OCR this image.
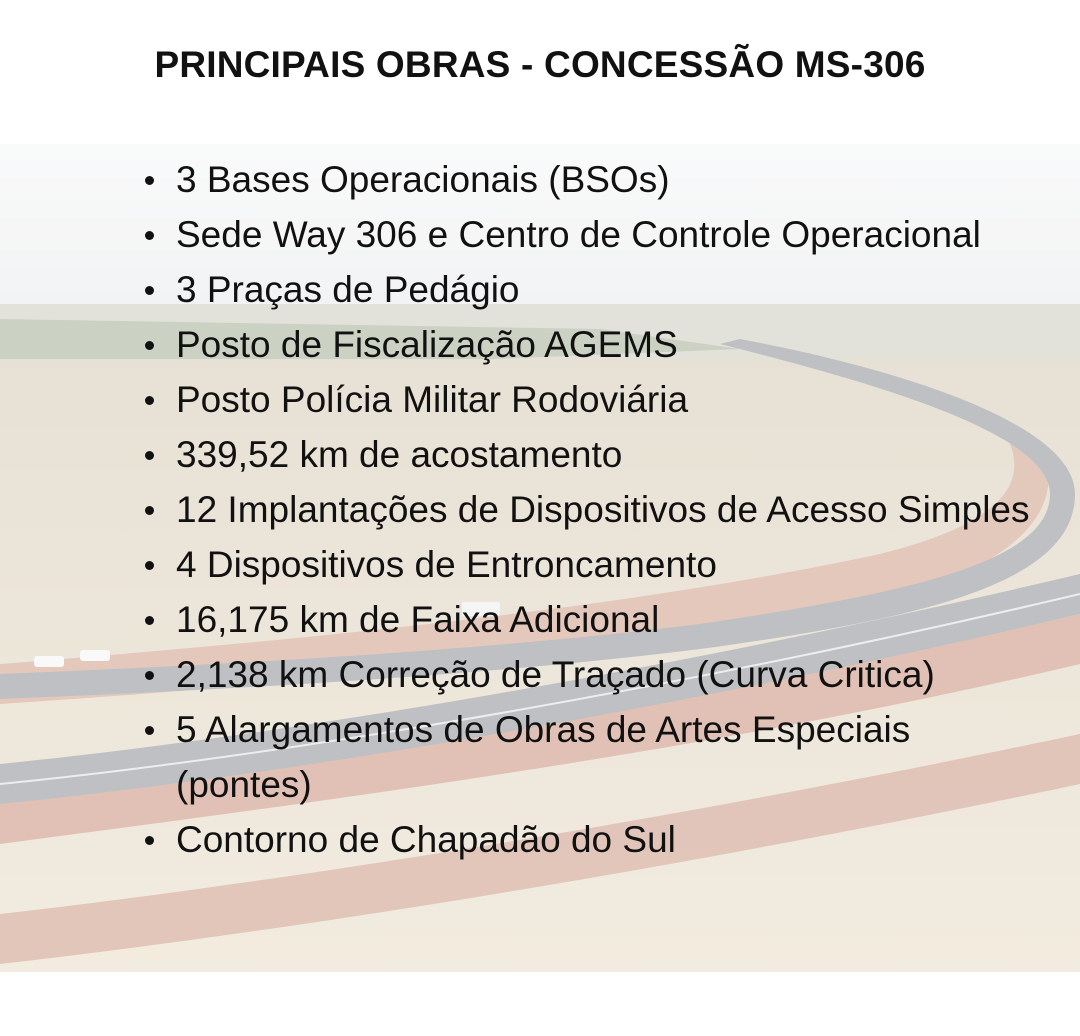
PRINCIPAIS OBRAS - CONCESSÃO MS-306
3 Bases Operacionais (BSOs)
Sede Way 306 e Centro de Controle Operacional
3 Praças de Pedágio
Posto de Fiscalização AGEMS
Posto Polícia Militar Rodoviária
339,52 km de acostamento
12 Implantações de Dispositivos de Acesso Simples
4 Dispositivos de Entroncamento
16,175 km de Faixa Adicional
2,138 km Correção de Traçado (Curva Critica)
5 Alargamentos de Obras de Artes Especiais (pontes)
Contorno de Chapadão do Sul
